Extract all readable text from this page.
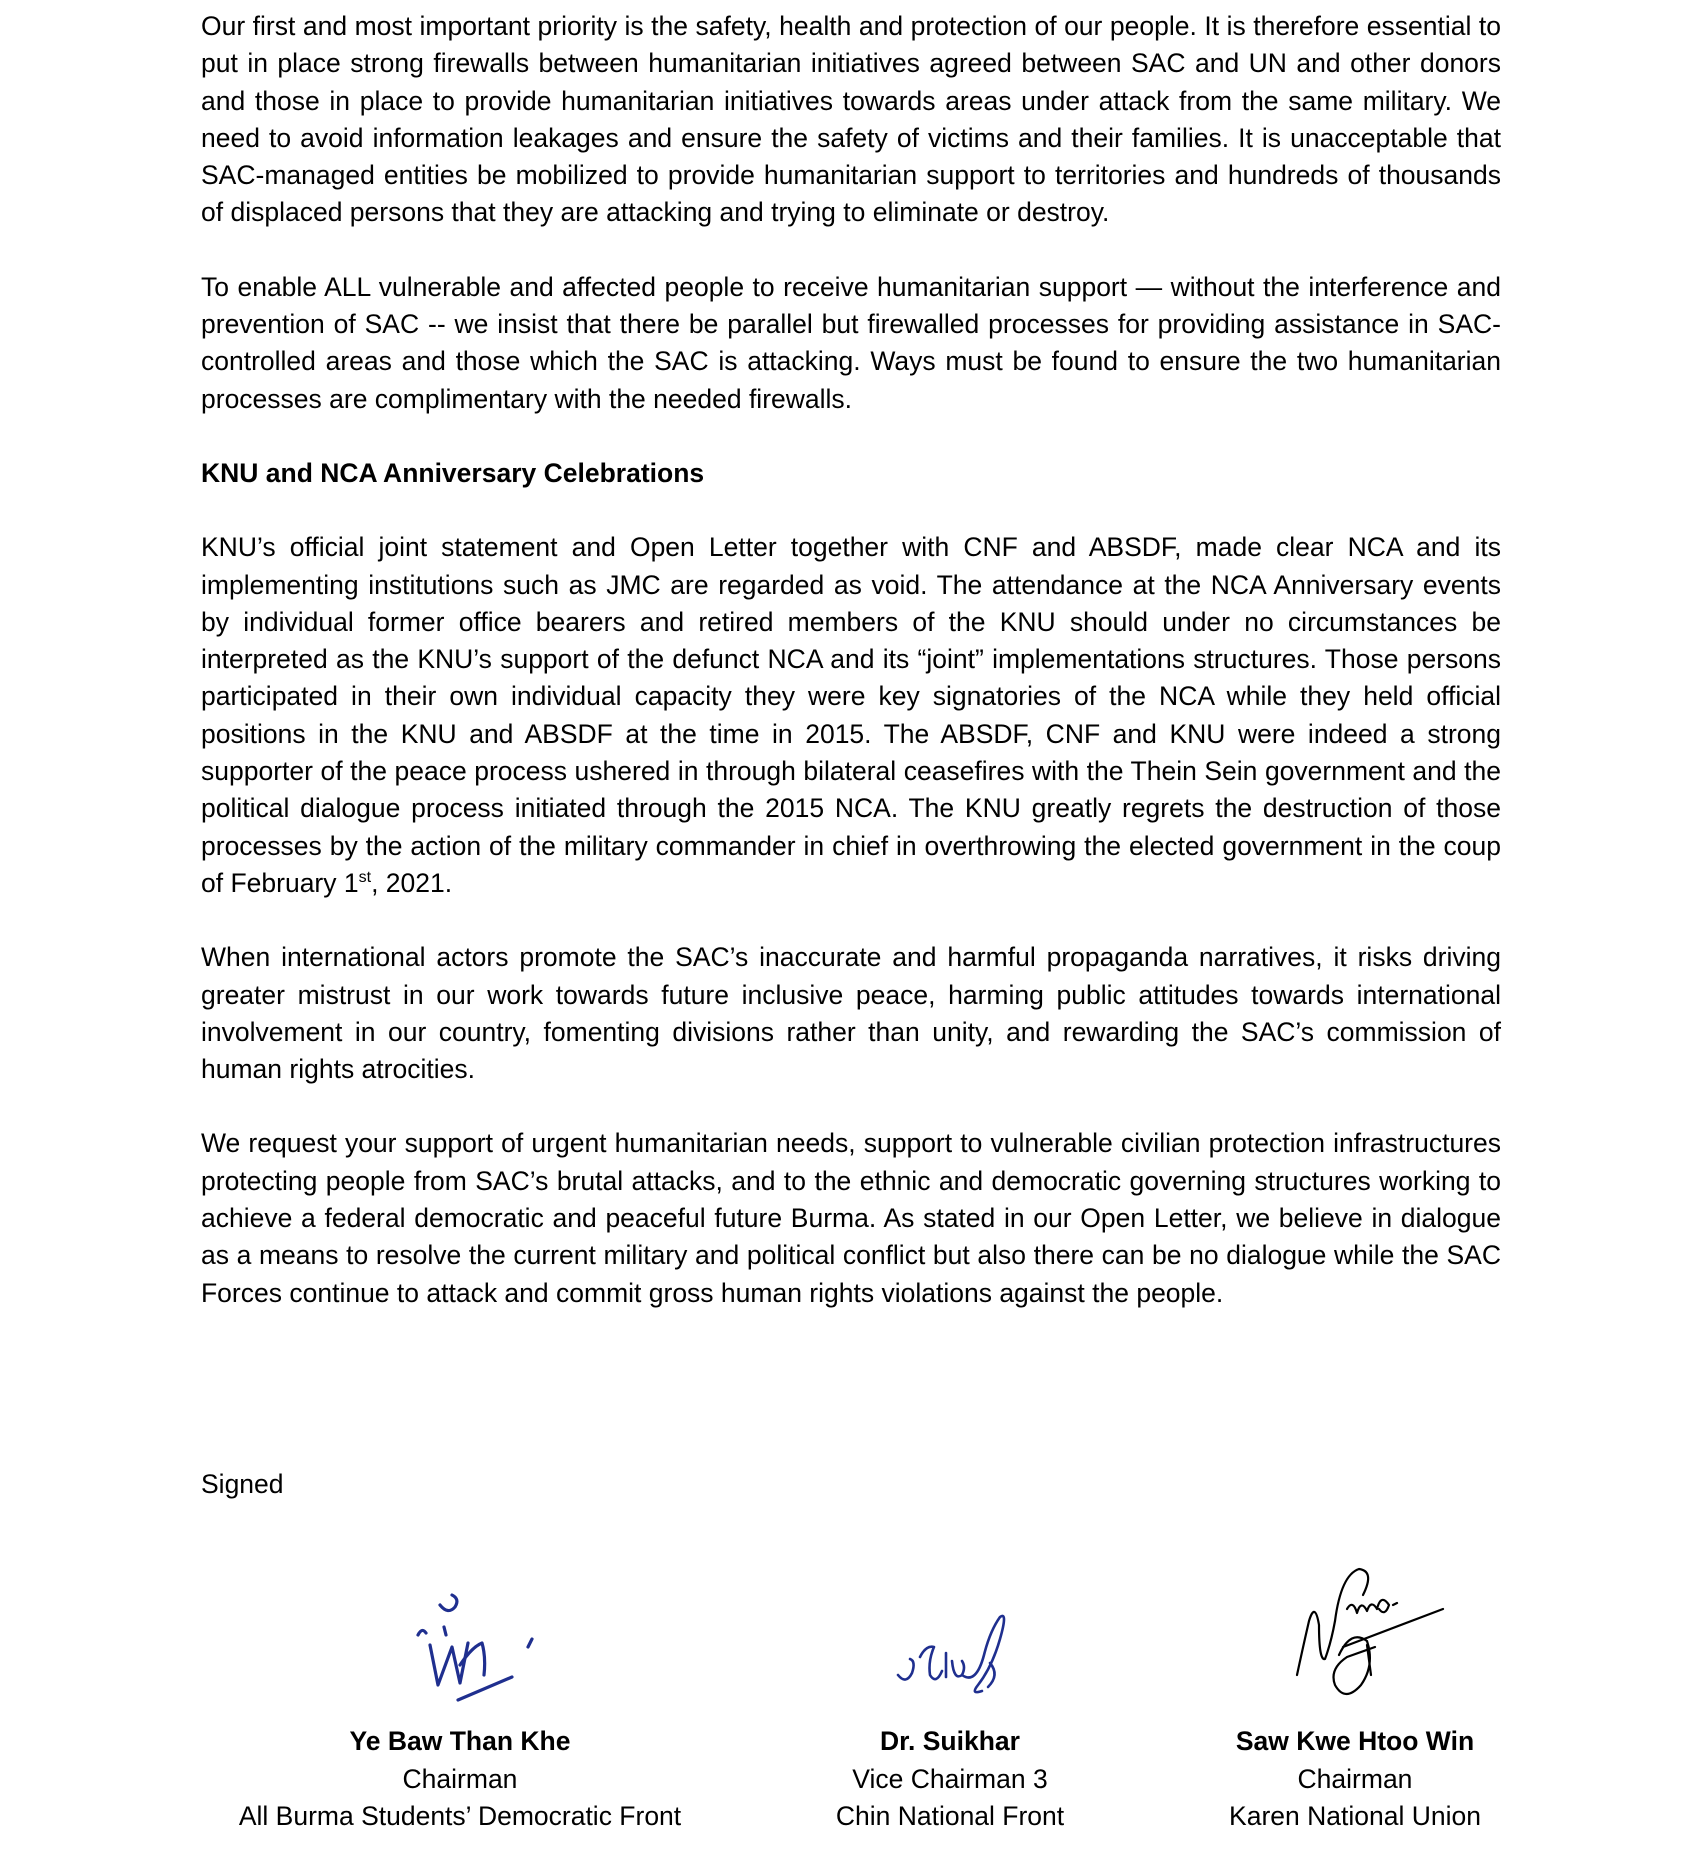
Our first and most important priority is the safety, health and protection of our people. It is therefore essential to put in place strong firewalls between humanitarian initiatives agreed between SAC and UN and other donors and those in place to provide humanitarian initiatives towards areas under attack from the same military. We need to avoid information leakages and ensure the safety of victims and their families. It is unacceptable that SAC-managed entities be mobilized to provide humanitarian support to territories and hundreds of thousands of displaced persons that they are attacking and trying to eliminate or destroy.

To enable ALL vulnerable and affected people to receive humanitarian support — without the interference and prevention of SAC -- we insist that there be parallel but firewalled processes for providing assistance in SAC-controlled areas and those which the SAC is attacking. Ways must be found to ensure the two humanitarian processes are complimentary with the needed firewalls.

KNU and NCA Anniversary Celebrations

KNU’s official joint statement and Open Letter together with CNF and ABSDF, made clear NCA and its implementing institutions such as JMC are regarded as void. The attendance at the NCA Anniversary events by individual former office bearers and retired members of the KNU should under no circumstances be interpreted as the KNU’s support of the defunct NCA and its “joint” implementations structures. Those persons participated in their own individual capacity they were key signatories of the NCA while they held official positions in the KNU and ABSDF at the time in 2015. The ABSDF, CNF and KNU were indeed a strong supporter of the peace process ushered in through bilateral ceasefires with the Thein Sein government and the political dialogue process initiated through the 2015 NCA. The KNU greatly regrets the destruction of those processes by the action of the military commander in chief in overthrowing the elected government in the coup of February 1st, 2021.

When international actors promote the SAC’s inaccurate and harmful propaganda narratives, it risks driving greater mistrust in our work towards future inclusive peace, harming public attitudes towards international involvement in our country, fomenting divisions rather than unity, and rewarding the SAC’s commission of human rights atrocities.

We request your support of urgent humanitarian needs, support to vulnerable civilian protection infrastructures protecting people from SAC’s brutal attacks, and to the ethnic and democratic governing structures working to achieve a federal democratic and peaceful future Burma. As stated in our Open Letter, we believe in dialogue as a means to resolve the current military and political conflict but also there can be no dialogue while the SAC Forces continue to attack and commit gross human rights violations against the people.

Signed
Ye Baw Than Khe
Chairman
All Burma Students’ Democratic Front
Dr. Suikhar
Vice Chairman 3
Chin National Front
Saw Kwe Htoo Win
Chairman
Karen National Union
